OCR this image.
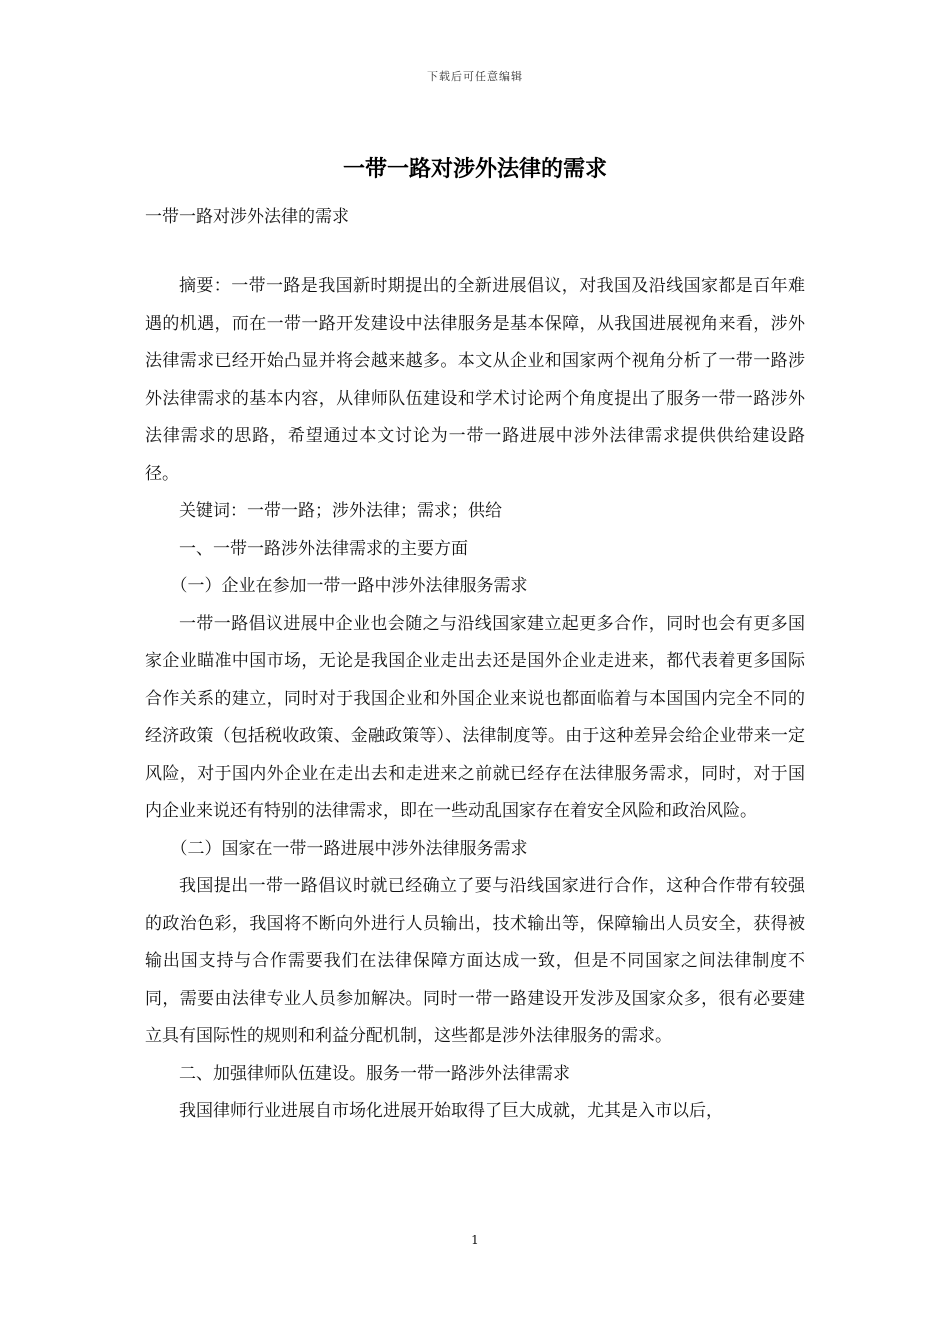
下载后可任意编辑
一带一路对涉外法律的需求

一带一路对涉外法律的需求

摘要：一带一路是我国新时期提出的全新进展倡议，对我国及沿线国家都是百年难遇的机遇，而在一带一路开发建设中法律服务是基本保障，从我国进展视角来看，涉外法律需求已经开始凸显并将会越来越多。本文从企业和国家两个视角分析了一带一路涉外法律需求的基本内容，从律师队伍建设和学术讨论两个角度提出了服务一带一路涉外法律需求的思路，希望通过本文讨论为一带一路进展中涉外法律需求提供供给建设路径。

关键词：一带一路；涉外法律；需求；供给

一、一带一路涉外法律需求的主要方面

（一）企业在参加一带一路中涉外法律服务需求

一带一路倡议进展中企业也会随之与沿线国家建立起更多合作，同时也会有更多国家企业瞄准中国市场，无论是我国企业走出去还是国外企业走进来，都代表着更多国际合作关系的建立，同时对于我国企业和外国企业来说也都面临着与本国国内完全不同的经济政策（包括税收政策、金融政策等）、法律制度等。由于这种差异会给企业带来一定风险，对于国内外企业在走出去和走进来之前就已经存在法律服务需求，同时，对于国内企业来说还有特别的法律需求，即在一些动乱国家存在着安全风险和政治风险。

（二）国家在一带一路进展中涉外法律服务需求

我国提出一带一路倡议时就已经确立了要与沿线国家进行合作，这种合作带有较强的政治色彩，我国将不断向外进行人员输出，技术输出等，保障输出人员安全，获得被输出国支持与合作需要我们在法律保障方面达成一致，但是不同国家之间法律制度不同，需要由法律专业人员参加解决。同时一带一路建设开发涉及国家众多，很有必要建立具有国际性的规则和利益分配机制，这些都是涉外法律服务的需求。

二、加强律师队伍建设。服务一带一路涉外法律需求

我国律师行业进展自市场化进展开始取得了巨大成就，尤其是入市以后，

1
